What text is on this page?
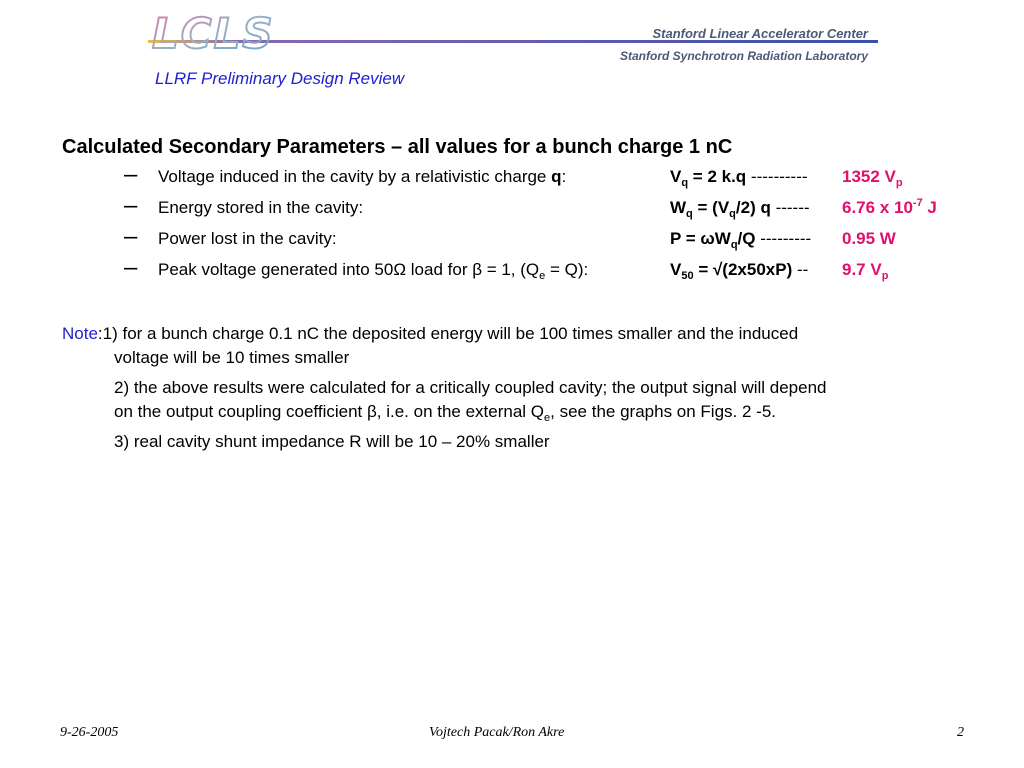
LCLS	Stanford Linear Accelerator Center
Stanford Synchrotron Radiation Laboratory
LLRF Preliminary Design Review
Calculated Secondary Parameters – all values for a bunch charge 1 nC
– Voltage induced in the cavity by a relativistic charge q:	$V_q = 2$ k.q ---------- 1352 $V_p$
– Energy stored in the cavity:	$W_q = (V_q/2)$ q ------ 6.76 x $10^{-7}$ J
– Power lost in the cavity:	$P = \omega W_q/Q$ --------- 0.95 W
– Peak voltage generated into 50Ω load for β = 1, $(Q_e = Q)$:	$V_{50} = √(2x50xP) -- 9.7$ $V_p$

Note:1) for a bunch charge 0.1 nC the deposited energy will be 100 times smaller and the induced

voltage will be 10 times smaller

2) the above results were calculated for a critically coupled cavity; the output signal will depend
on the output coupling coefficient β, i.e. on the external $Q_e$, see the graphs on Figs. 2 -5.

3) real cavity shunt impedance R will be 10 – 20% smaller

9-26-2005	Vojtech Pacak/Ron Akre	2
